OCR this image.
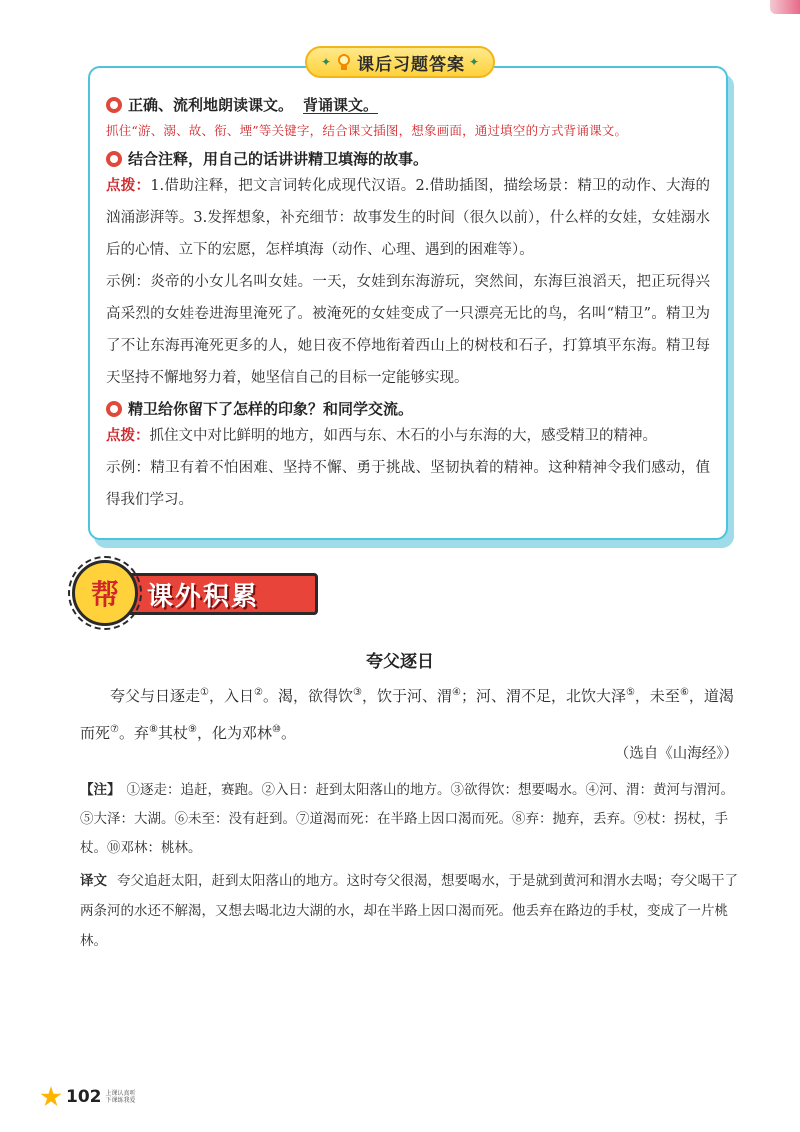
✦ 课后习题答案 ✦
正确、流利地朗读课文。 背诵课文。
抓住“游、溺、故、衔、堙”等关键字，结合课文插图，想象画面，通过填空的方式背诵课文。
结合注释，用自己的话讲讲精卫填海的故事。
点拨：1.借助注释，把文言词转化成现代汉语。2.借助插图，描绘场景：精卫的动作、大海的汹涌澎湃等。3.发挥想象，补充细节：故事发生的时间（很久以前），什么样的女娃，女娃溺水后的心情、立下的宏愿，怎样填海（动作、心理、遇到的困难等）。
示例：炎帝的小女儿名叫女娃。一天，女娃到东海游玩，突然间，东海巨浪滔天，把正玩得兴高采烈的女娃卷进海里淹死了。被淹死的女娃变成了一只漂亮无比的鸟，名叫“精卫”。精卫为了不让东海再淹死更多的人，她日夜不停地衔着西山上的树枝和石子，打算填平东海。精卫每天坚持不懈地努力着，她坚信自己的目标一定能够实现。
精卫给你留下了怎样的印象？和同学交流。
点拨：抓住文中对比鲜明的地方，如西与东、木石的小与东海的大，感受精卫的精神。
示例：精卫有着不怕困难、坚持不懈、勇于挑战、坚韧执着的精神。这种精神令我们感动，值得我们学习。
帮 课外积累
夸父逐日
夸父与日逐走①，入日②。渴，欲得饮③，饮于河、渭④；河、渭不足，北饮大泽⑤，未至⑥，道渴而死⑦。弃⑧其杖⑨，化为邓林⑩。
（选自《山海经》）
【注】 ①逐走：追赶，赛跑。②入日：赶到太阳落山的地方。③欲得饮：想要喝水。④河、渭：黄河与渭河。⑤大泽：大湖。⑥未至：没有赶到。⑦道渴而死：在半路上因口渴而死。⑧弃：抛弃，丢弃。⑨杖：拐杖，手杖。⑩邓林：桃林。
译文 夸父追赶太阳，赶到太阳落山的地方。这时夸父很渴，想要喝水，于是就到黄河和渭水去喝；夸父喝干了两条河的水还不解渴，又想去喝北边大湖的水，却在半路上因口渴而死。他丢弃在路边的手杖，变成了一片桃林。
102 上课认真听
下课练我爱
